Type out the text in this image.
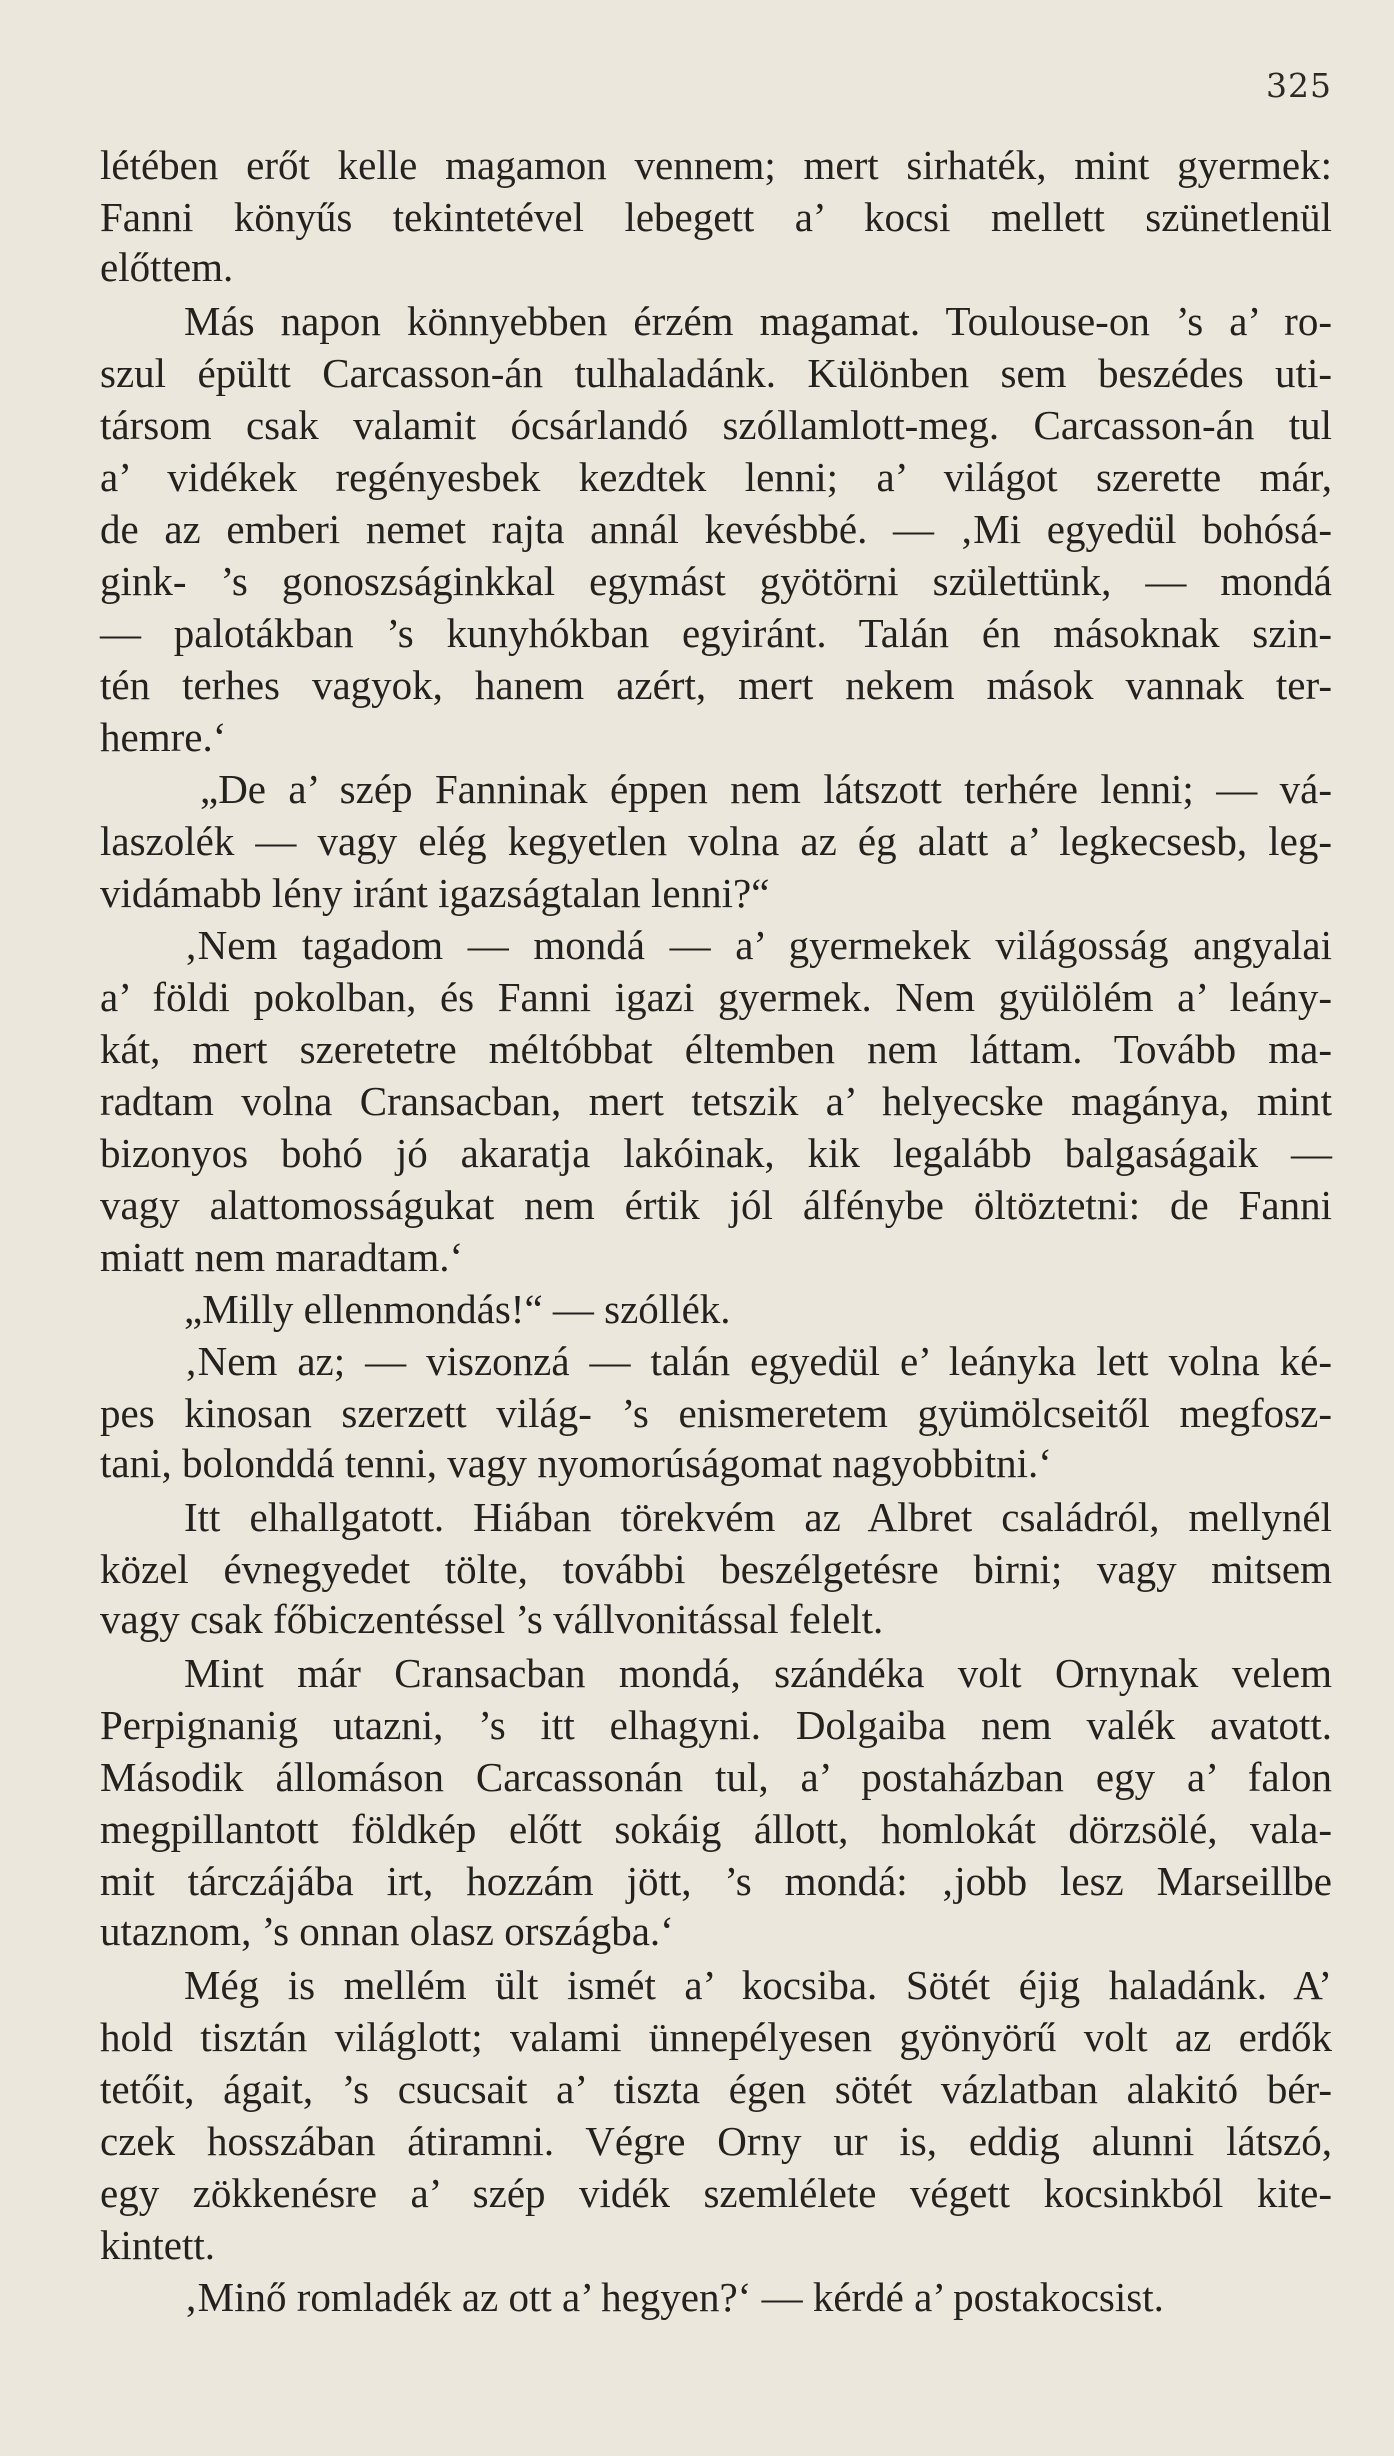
325

létében erőt kelle magamon vennem; mert sirhaték, mint gyermek:
Fanni könyűs tekintetével lebegett a’ kocsi mellett szünetlenül
előttem.
Más napon könnyebben érzém magamat. Toulouse-on ’s a’ ro-
szul épültt Carcasson-án tulhaladánk. Különben sem beszédes uti-
társom csak valamit ócsárlandó szóllamlott-meg. Carcasson-án tul
a’ vidékek regényesbek kezdtek lenni; a’ világot szerette már,
de az emberi nemet rajta annál kevésbbé. — ‚Mi egyedül bohósá-
gink- ’s gonoszságinkkal egymást gyötörni születtünk, — mondá
— palotákban ’s kunyhókban egyiránt. Talán én másoknak szin-
tén terhes vagyok, hanem azért, mert nekem mások vannak ter-
hemre.‘
„De a’ szép Fanninak éppen nem látszott terhére lenni; — vá-
laszolék — vagy elég kegyetlen volna az ég alatt a’ legkecsesb, leg-
vidámabb lény iránt igazságtalan lenni?“
‚Nem tagadom — mondá — a’ gyermekek világosság angyalai
a’ földi pokolban, és Fanni igazi gyermek. Nem gyülölém a’ leány-
kát, mert szeretetre méltóbbat éltemben nem láttam. Tovább ma-
radtam volna Cransacban, mert tetszik a’ helyecske magánya, mint
bizonyos bohó jó akaratja lakóinak, kik legalább balgaságaik —
vagy alattomosságukat nem értik jól álfénybe öltöztetni: de Fanni
miatt nem maradtam.‘
„Milly ellenmondás!“ — szóllék.
‚Nem az; — viszonzá — talán egyedül e’ leányka lett volna ké-
pes kinosan szerzett világ- ’s enismeretem gyümölcseitől megfosz-
tani, bolonddá tenni, vagy nyomorúságomat nagyobbitni.‘
Itt elhallgatott. Hiában törekvém az Albret családról, mellynél
közel évnegyedet tölte, további beszélgetésre birni; vagy mitsem
vagy csak főbiczentéssel ’s vállvonitással felelt.
Mint már Cransacban mondá, szándéka volt Ornynak velem
Perpignanig utazni, ’s itt elhagyni. Dolgaiba nem valék avatott.
Második állomáson Carcassonán tul, a’ postaházban egy a’ falon
megpillantott földkép előtt sokáig állott, homlokát dörzsölé, vala-
mit tárczájába irt, hozzám jött, ’s mondá: ‚jobb lesz Marseillbe
utaznom, ’s onnan olasz országba.‘
Még is mellém ült ismét a’ kocsiba. Sötét éjig haladánk. A’
hold tisztán világlott; valami ünnepélyesen gyönyörű volt az erdők
tetőit, ágait, ’s csucsait a’ tiszta égen sötét vázlatban alakitó bér-
czek hosszában átiramni. Végre Orny ur is, eddig alunni látszó,
egy zökkenésre a’ szép vidék szemlélete végett kocsinkból kite-
kintett.
‚Minő romladék az ott a’ hegyen?‘ — kérdé a’ postakocsist.
